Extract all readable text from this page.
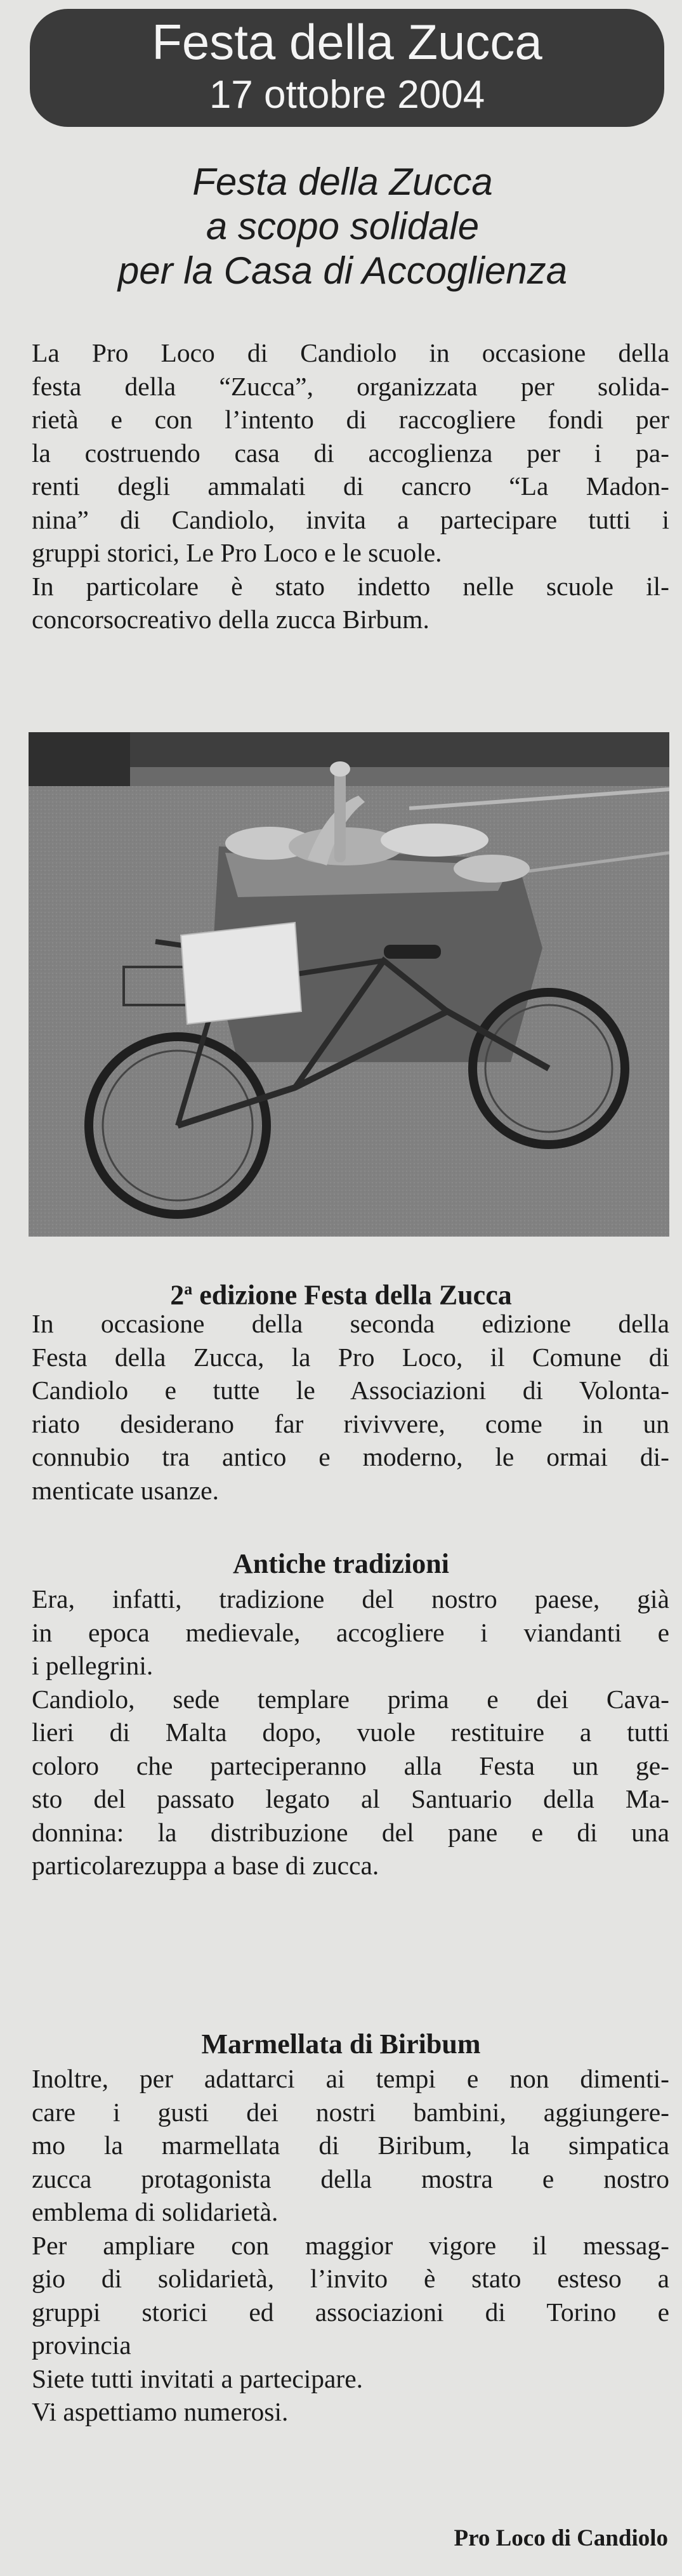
Festa della Zucca
17 ottobre 2004
Festa della Zucca
a scopo solidale
per la Casa di Accoglienza
La Pro Loco di Candiolo in occasione della
festa della “Zucca”, organizzata per solida-
rietà e con l’intento di raccogliere fondi per
la costruendo casa di accoglienza per i pa-
renti degli ammalati di cancro “La Madon-
nina” di Candiolo, invita a partecipare tutti i
gruppi storici, Le Pro Loco e le scuole.
In particolare è stato indetto nelle scuole il-
concorsocreativo della zucca Birbum.
2$^a$ edizione Festa della Zucca
In occasione della seconda edizione della
Festa della Zucca, la Pro Loco, il Comune di
Candiolo e tutte le Associazioni di Volonta-
riato desiderano far rivivvere, come in un
connubio tra antico e moderno, le ormai di-
menticate usanze.
Antiche tradizioni
Era, infatti, tradizione del nostro paese, già
in epoca medievale, accogliere i viandanti e
i pellegrini.
Candiolo, sede templare prima e dei Cava-
lieri di Malta dopo, vuole restituire a tutti
coloro che parteciperanno alla Festa un ge-
sto del passato legato al Santuario della Ma-
donnina: la distribuzione del pane e di una
particolarezuppa a base di zucca.
Marmellata di Biribum
Inoltre, per adattarci ai tempi e non dimenti-
care i gusti dei nostri bambini, aggiungere-
mo la marmellata di Biribum, la simpatica
zucca protagonista della mostra e nostro
emblema di solidarietà.
Per ampliare con maggior vigore il messag-
gio di solidarietà, l’invito è stato esteso a
gruppi storici ed associazioni di Torino e
provincia
Siete tutti invitati a partecipare.
Vi aspettiamo numerosi.
Pro Loco di Candiolo
